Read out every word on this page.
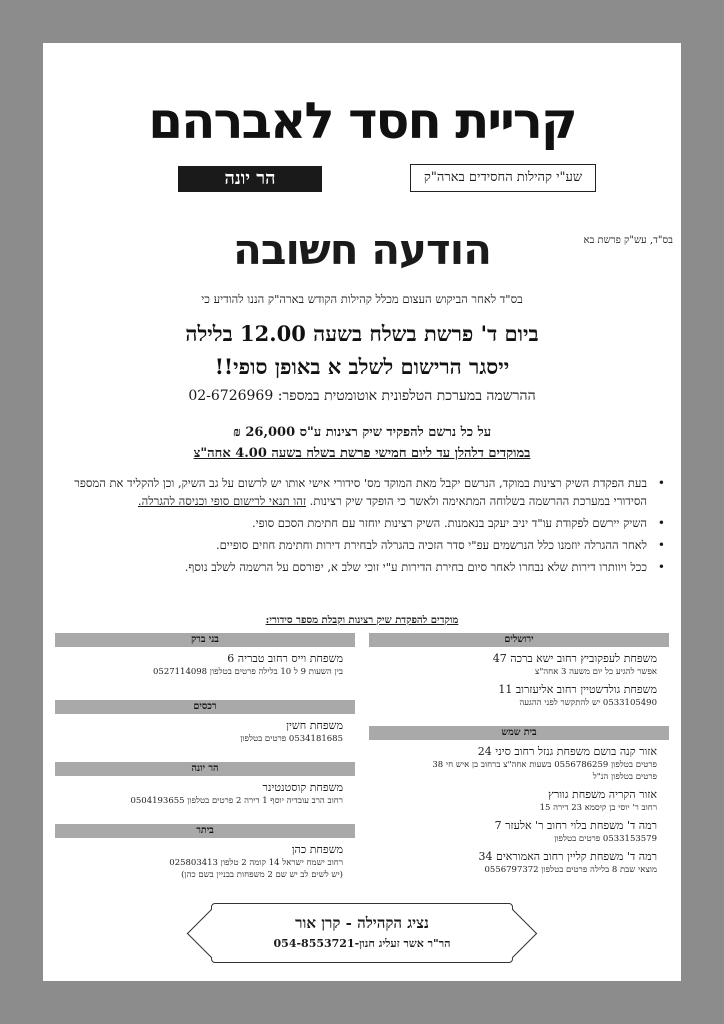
קריית חסד לאברהם
שע"י קהילות החסידים בארה"ק
הר יונה
בס"ד, עש"ק פרשת בא
הודעה חשובה
בס"ד לאחר הביקוש העצום מכלל קהילות הקודש בארה"ק הננו להודיע כי
ביום ד' פרשת בשלח בשעה 12.00 בלילה
ייסגר הרישום לשלב א באופן סופי!!
ההרשמה במערכת הטלפונית אוטומטית במספר: 02-6726969
על כל נרשם להפקיד שיק רצינות ע"ס 26,000 ₪
במוקדים דלהלן עד ליום חמישי פרשת בשלח בשעה 4.00 אחה"צ
• בעת הפקדת השיק רצינות במוקד, הנרשם יקבל מאת המוקד מס' סידורי אישי אותו יש לרשום על גב השיק, וכן להקליד את המספר הסידורי במערכת ההרשמה בשלוחה המתאימה ולאשר כי הופקד שיק רצינות. זהו תנאי לרישום סופי וכניסה להגרלה.
• השיק יירשם לפקודת עו"ד יניב יעקב בנאמנות. השיק רצינות יוחזר עם חתימת הסכם סופי.
• לאחר ההגרלה יוזמנו כלל הנרשמים עפ"י סדר הזכיה בהגרלה לבחירת דירות וחתימת חוזים סופיים.
• ככל ויוותרו דירות שלא נבחרו לאחר סיום בחירת הדירות ע"י זוכי שלב א, יפורסם על הרשמה לשלב נוסף.
מוקדים להפקדת שיק רצינות וקבלת מספר סידורי:
ירושלים
משפחת לעפקוביץ רחוב ישא ברכה 47
אפשר להגיע כל יום משעה 3 אחה"צ
משפחת גולדשטיין רחוב אליעזרוב 11
0533105490 יש להתקשר לפני ההגעה
בית שמש
אזור קנה בושם משפחת גנזל רחוב סיני 24
פרטים בטלפון 0556786259 בשעות אחה"צ ברחוב בן איש חי 38
פרטים בטלפון הנ"ל
אזור הקריה משפחת גוורץ
רחוב ר' יוסי בן קיסמא 23 דירה 15
רמה ד' משפחת בלוי רחוב ר' אלעזר 7
0533153579 פרטים בטלפון
רמה ד' משפחת קליין רחוב האמוראים 34
מוצאי שבת 8 בלילה פרטים בטלפון 0556797372
בני ברק
משפחת וייס רחוב טבריה 6
בין השעות 9 ל 10 בלילה פרטים בטלפון 0527114098
רכסים
משפחת חשין
0534181685 פרטים בטלפון
הר יונה
משפחת קוסטנטינר
רחוב הרב עובדיה יוסף 1 דירה 2 פרטים בטלפון 0504193655
ביתר
משפחת כהן
רחוב ישמח ישראל 14 קומה 2 טלפון 025803413
(יש לשים לב יש שם 2 משפחות בבניין בשם כהן)
נציג הקהילה - קרן אור
הר"ר אשר זעליג חנון-054-8553721
